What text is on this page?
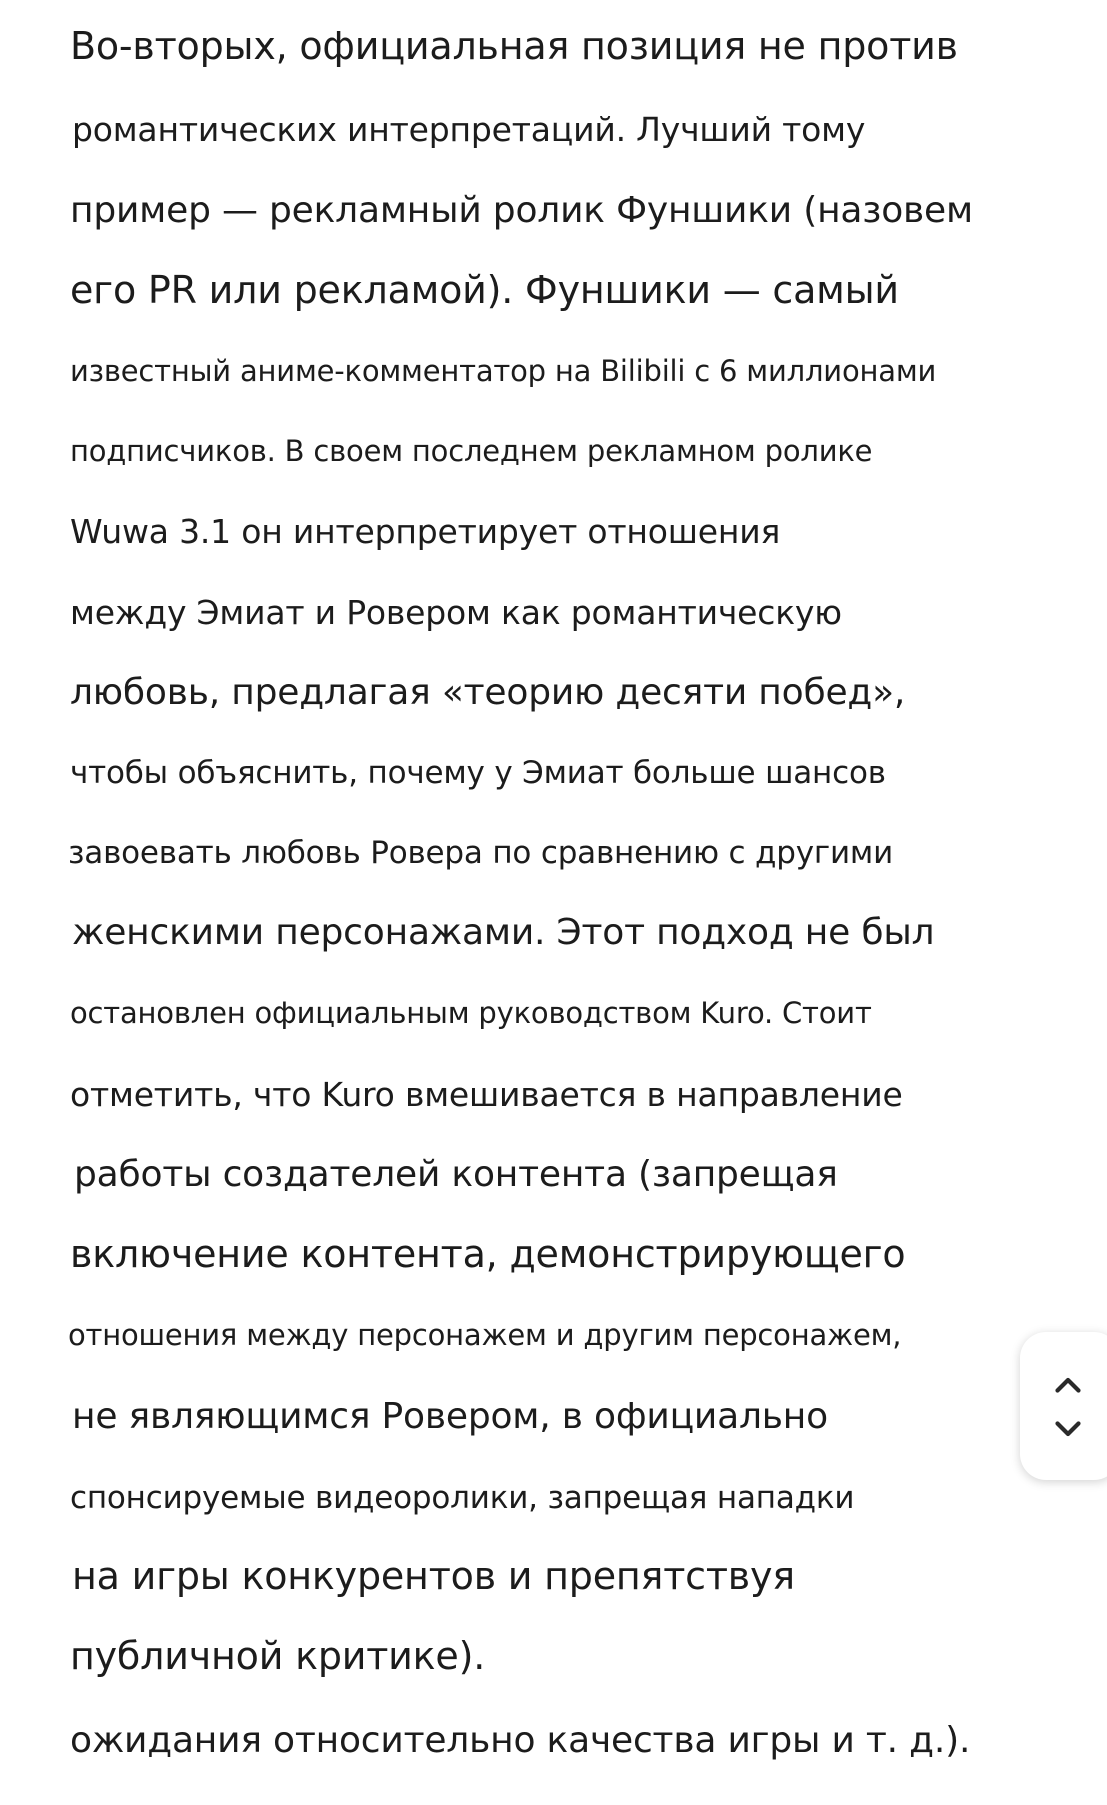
Во-вторых, официальная позиция не против
романтических интерпретаций. Лучший тому
пример — рекламный ролик Фуншики (назовем
его PR или рекламой). Фуншики — самый
известный аниме-комментатор на Bilibili с 6 миллионами
подписчиков. В своем последнем рекламном ролике
Wuwa 3.1 он интерпретирует отношения
между Эмиат и Ровером как романтическую
любовь, предлагая «теорию десяти побед»,
чтобы объяснить, почему у Эмиат больше шансов
завоевать любовь Ровера по сравнению с другими
женскими персонажами. Этот подход не был
остановлен официальным руководством Kuro. Стоит
отметить, что Kuro вмешивается в направление
работы создателей контента (запрещая
включение контента, демонстрирующего
отношения между персонажем и другим персонажем,
не являющимся Ровером, в официально
спонсируемые видеоролики, запрещая нападки
на игры конкурентов и препятствуя
публичной критике).
ожидания относительно качества игры и т. д.).
